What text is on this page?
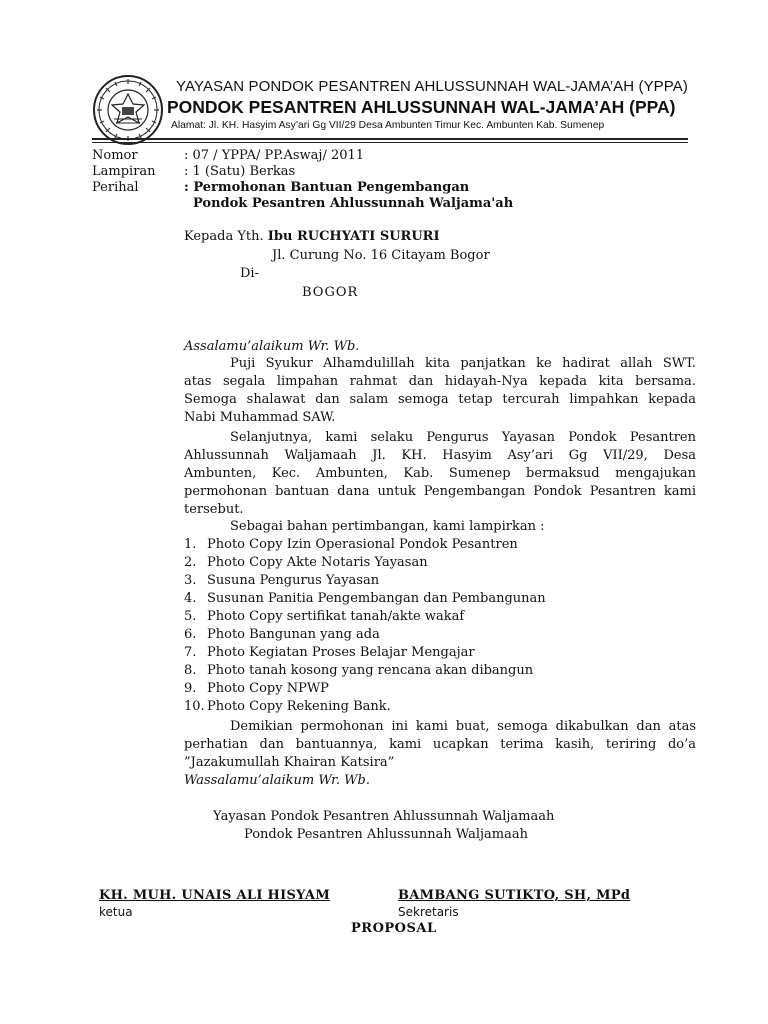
YAYASAN PONDOK PESANTREN AHLUSSUNNAH WAL-JAMA’AH (YPPA)
PONDOK PESANTREN AHLUSSUNNAH WAL-JAMA’AH (PPA)
Alamat: Jl. KH. Hasyim Asy’ari Gg VII/29 Desa Ambunten Timur Kec. Ambunten Kab. Sumenep
Nomor	: 07 / YPPA/ PP.Aswaj/ 2011
Lampiran : 1 (Satu) Berkas
Perihal	: Permohonan Bantuan Pengembangan
Pondok Pesantren Ahlussunnah Waljama'ah
Kepada Yth. Ibu RUCHYATI SURURI
Jl. Curung No. 16 Citayam Bogor
Di-
BOGOR
Assalamu’alaikum Wr. Wb.
Puji Syukur Alhamdulillah kita panjatkan ke hadirat allah SWT.
atas segala limpahan rahmat dan hidayah-Nya kepada kita bersama.
Semoga shalawat dan salam semoga tetap tercurah limpahkan kepada
Nabi Muhammad SAW.
Selanjutnya, kami selaku Pengurus Yayasan Pondok Pesantren
Ahlussunnah Waljamaah Jl. KH. Hasyim Asy’ari Gg VII/29, Desa
Ambunten, Kec. Ambunten, Kab. Sumenep bermaksud mengajukan
permohonan bantuan dana untuk Pengembangan Pondok Pesantren kami
tersebut.
Sebagai bahan pertimbangan, kami lampirkan :
1. Photo Copy Izin Operasional Pondok Pesantren
2. Photo Copy Akte Notaris Yayasan
3. Susuna Pengurus Yayasan
4. Susunan Panitia Pengembangan dan Pembangunan
5. Photo Copy sertifikat tanah/akte wakaf
6. Photo Bangunan yang ada
7. Photo Kegiatan Proses Belajar Mengajar
8. Photo tanah kosong yang rencana akan dibangun
9. Photo Copy NPWP
10. Photo Copy Rekening Bank.
Demikian permohonan ini kami buat, semoga dikabulkan dan atas
perhatian dan bantuannya, kami ucapkan terima kasih, teriring do’a
”Jazakumullah Khairan Katsira”
Wassalamu’alaikum Wr. Wb.
Yayasan Pondok Pesantren Ahlussunnah Waljamaah
Pondok Pesantren Ahlussunnah Waljamaah
KH. MUH. UNAIS ALI HISYAM
ketua
BAMBANG SUTIKTO, SH, MPd
Sekretaris
PROPOSAL
